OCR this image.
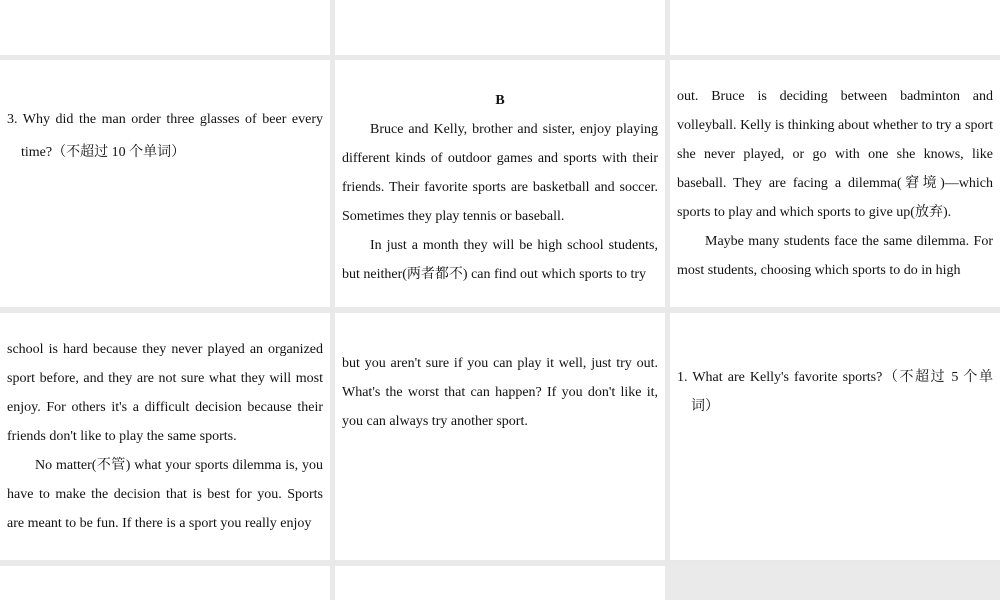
3. Why did the man order three glasses of beer every time?（不超过 10 个单词）

B

Bruce and Kelly, brother and sister, enjoy playing different kinds of outdoor games and sports with their friends. Their favorite sports are basketball and soccer. Sometimes they play tennis or baseball.

In just a month they will be high school students, but neither(两者都不) can find out which sports to try

out. Bruce is deciding between badminton and volleyball. Kelly is thinking about whether to try a sport she never played, or go with one she knows, like baseball. They are facing a dilemma(窘境)—which sports to play and which sports to give up(放弃).

Maybe many students face the same dilemma. For most students, choosing which sports to do in high

school is hard because they never played an organized sport before, and they are not sure what they will most enjoy. For others it's a difficult decision because their friends don't like to play the same sports.

No matter(不管) what your sports dilemma is, you have to make the decision that is best for you. Sports are meant to be fun. If there is a sport you really enjoy

but you aren't sure if you can play it well, just try out. What's the worst that can happen? If you don't like it, you can always try another sport.

1. What are Kelly's favorite sports?（不超过 5 个单词）
